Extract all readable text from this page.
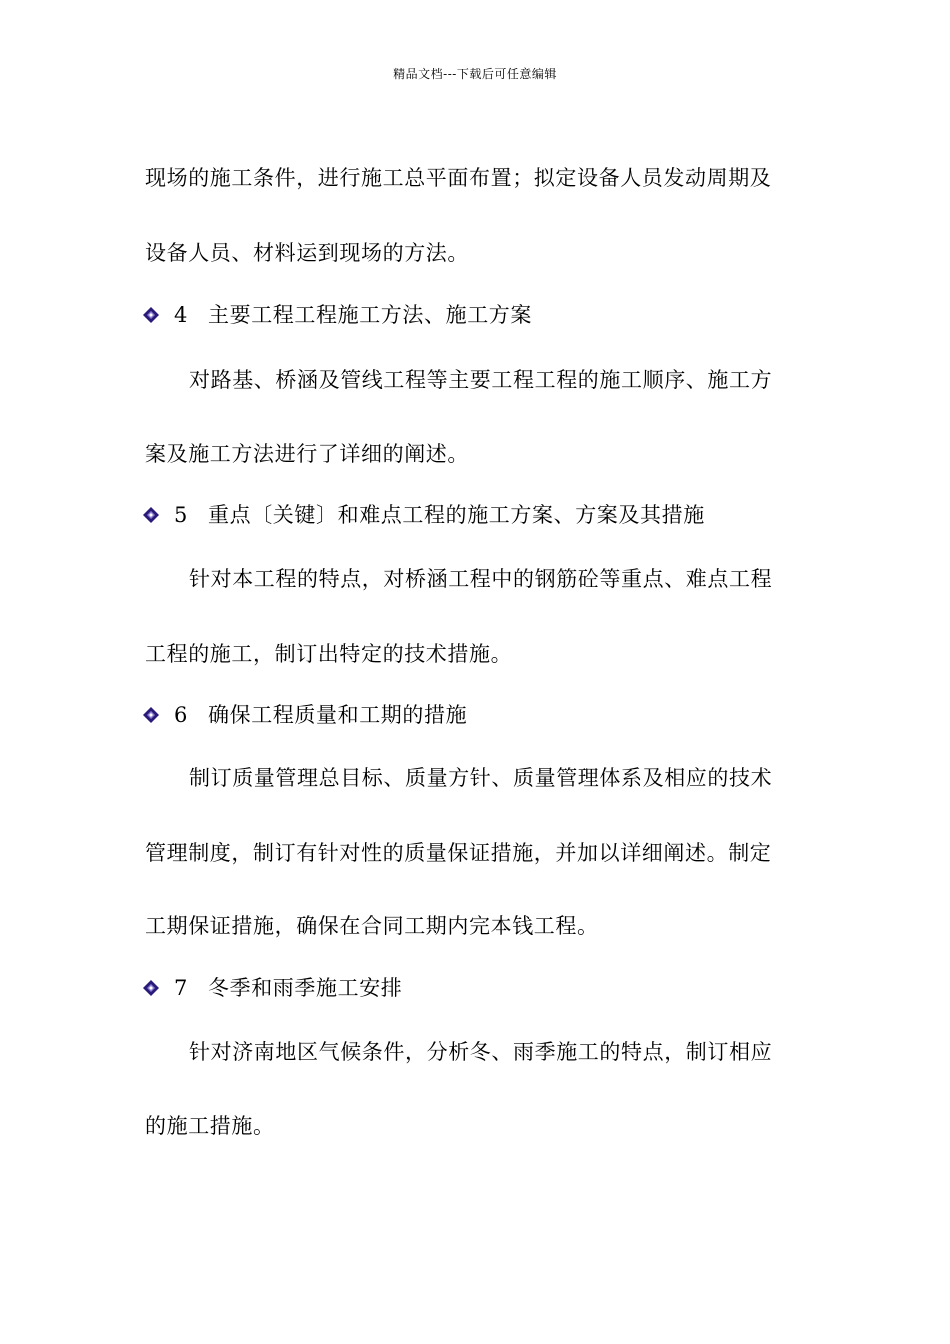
精品文档---下载后可任意编辑
现场的施工条件，进行施工总平面布置；拟定设备人员发动周期及
设备人员、材料运到现场的方法。
4 主要工程工程施工方法、施工方案
对路基、桥涵及管线工程等主要工程工程的施工顺序、施工方
案及施工方法进行了详细的阐述。
5 重点〔关键〕和难点工程的施工方案、方案及其措施
针对本工程的特点，对桥涵工程中的钢筋砼等重点、难点工程
工程的施工，制订出特定的技术措施。
6 确保工程质量和工期的措施
制订质量管理总目标、质量方针、质量管理体系及相应的技术
管理制度，制订有针对性的质量保证措施，并加以详细阐述。制定
工期保证措施，确保在合同工期内完本钱工程。
7 冬季和雨季施工安排
针对济南地区气候条件，分析冬、雨季施工的特点，制订相应
的施工措施。
